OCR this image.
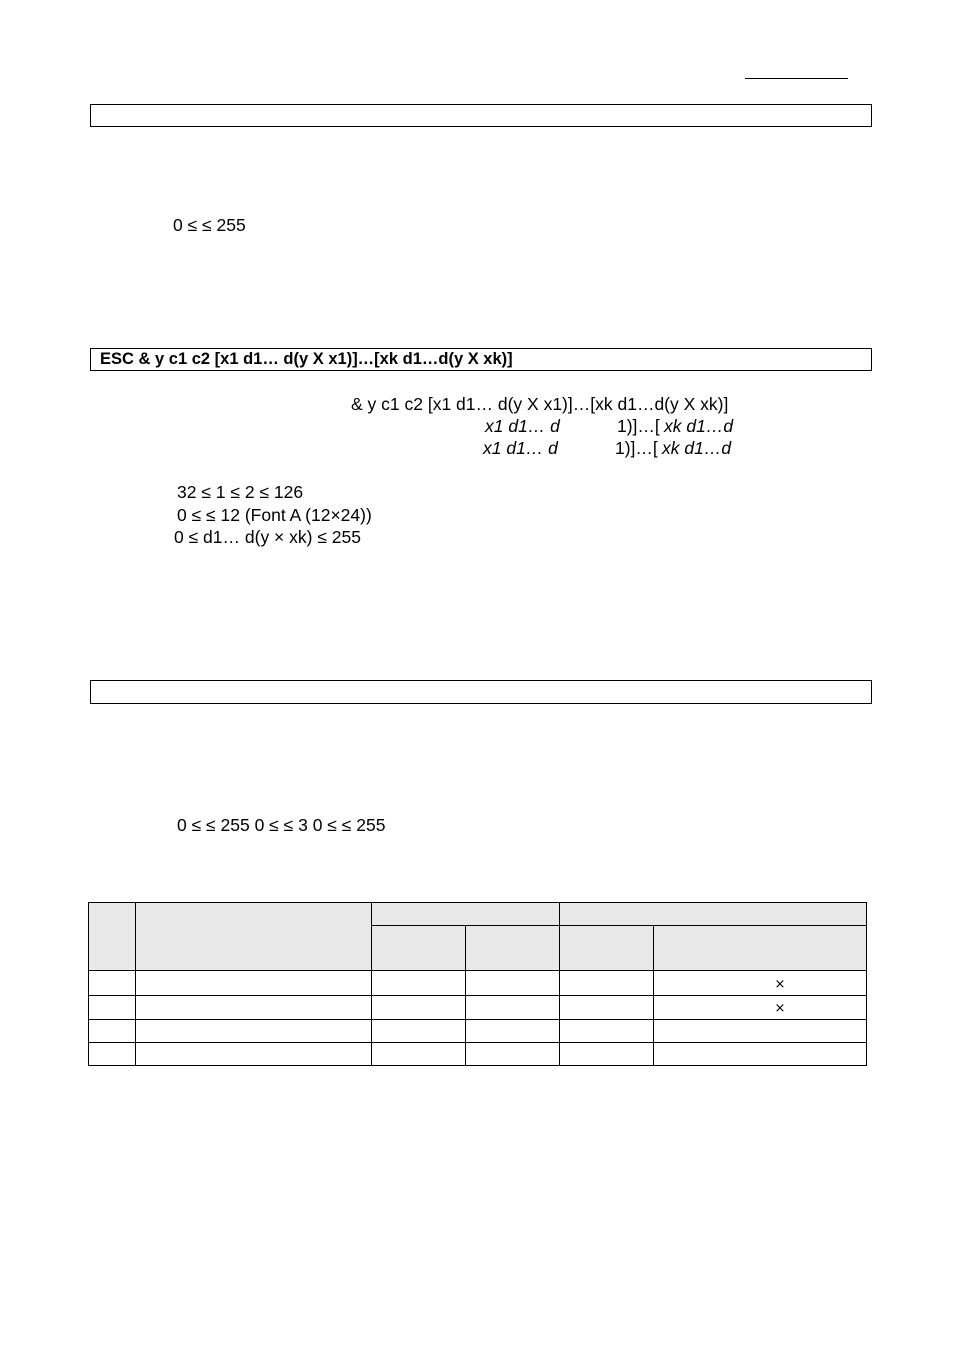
0 ≤ ≤ 255
ESC & y c1 c2 [x1 d1… d(y X x1)]…[xk d1…d(y X xk)]
& y c1 c2 [x1 d1… d(y X x1)]…[xk d1…d(y X xk)]
x1 d1… d	1)]…[ xk d1…d
x1 d1… d	1)]…[ xk d1…d
32 ≤ 1 ≤ 2 ≤ 126
0 ≤ ≤ 12 (Font A (12×24))
0 ≤ d1… d(y × xk) ≤ 255
0 ≤ ≤ 255 0 ≤ ≤ 3 0 ≤ ≤ 255

					×
					×
